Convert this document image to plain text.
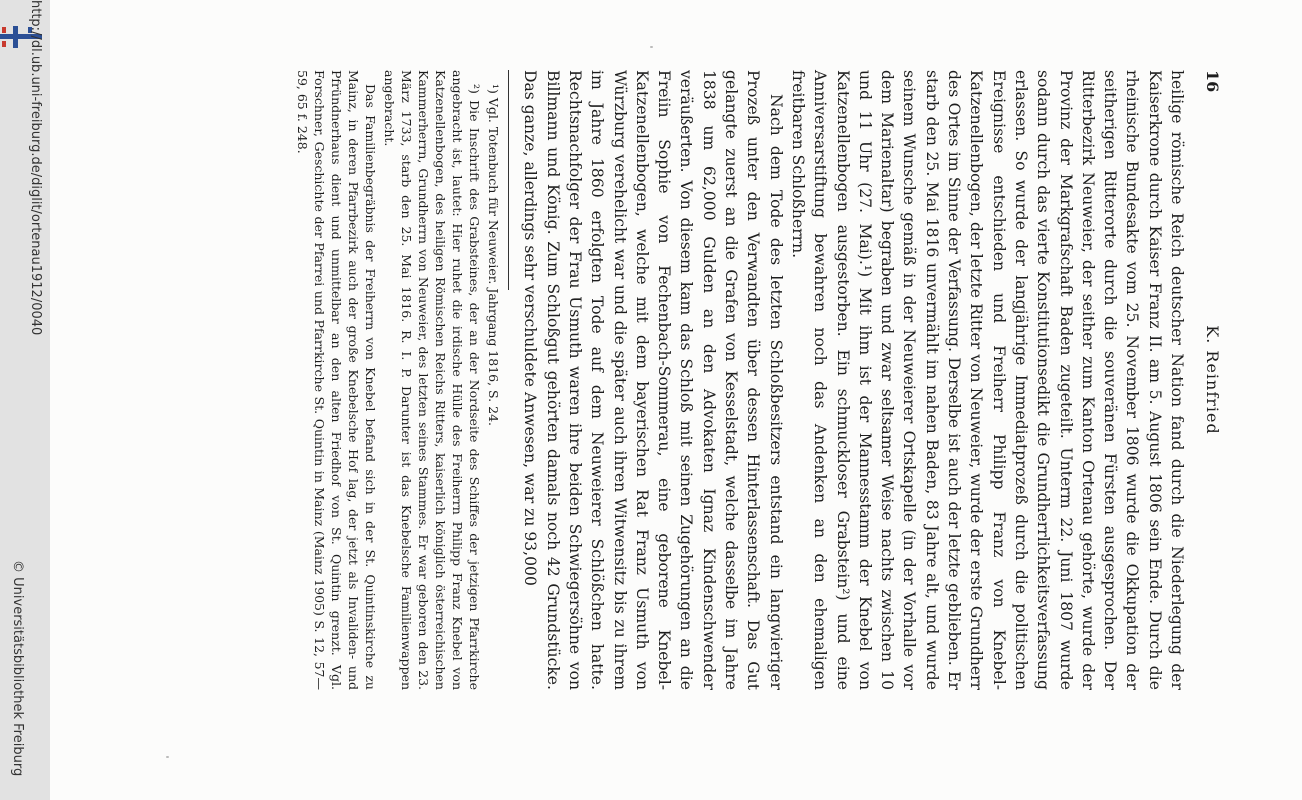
http://dl.ub.uni-freiburg.de/diglit/ortenau1912/0040
© Universitätsbibliothek Freiburg
16
K. Reinfried

heilige römische Reich deutscher Nation fand durch die Niederlegung der Kaiserkrone durch Kaiser Franz II. am 5. August 1806 sein Ende. Durch die rheinische Bundesakte vom 25. November 1806 wurde die Okkupation der seitherigen Ritterorte durch die souveränen Fürsten ausgesprochen. Der Ritterbezirk Neuweier, der seither zum Kanton Ortenau gehörte, wurde der Provinz der Markgrafschaft Baden zugeteilt. Unterm 22. Juni 1807 wurde sodann durch das vierte Konstitutionsedikt die Grundherrlichkeitsverfassung erlassen. So wurde der langjährige Immediatprozeß durch die politischen Ereignisse entschieden und Freiherr Philipp Franz von Knebel-Katzenellenbogen, der letzte Ritter von Neuweier, wurde der erste Grundherr des Ortes im Sinne der Verfassung. Derselbe ist auch der letzte geblieben. Er starb den 25. Mai 1816 unvermählt im nahen Baden, 83 Jahre alt, und wurde seinem Wunsche gemäß in der Neuweierer Ortskapelle (in der Vorhalle vor dem Marienaltar) begraben und zwar seltsamer Weise nachts zwischen 10 und 11 Uhr (27. Mai).¹) Mit ihm ist der Mannesstamm der Knebel von Katzenellenbogen ausgestorben. Ein schmuckloser Grabstein²) und eine Anniversarstiftung bewahren noch das Andenken an den ehemaligen freitbaren Schloßherrn.

Nach dem Tode des letzten Schloßbesitzers entstand ein langwieriger Prozeß unter den Verwandten über dessen Hinterlassenschaft. Das Gut gelangte zuerst an die Grafen von Kesselstadt, welche dasselbe im Jahre 1838 um 62,000 Gulden an den Advokaten Ignaz Kindenschwender veräußerten. Von diesem kam das Schloß mit seinen Zugehörungen an die Freiin Sophie von Fechenbach-Sommerau, eine geborene Knebel-Katzenellenbogen, welche mit dem bayerischen Rat Franz Usmuth von Würzburg verehelicht war und die später auch ihren Witwensitz bis zu ihrem im Jahre 1860 erfolgten Tode auf dem Neuweierer Schlößchen hatte. Rechtsnachfolger der Frau Usmuth waren ihre beiden Schwiegersöhne von Billmann und König. Zum Schloßgut gehörten damals noch 42 Grundstücke. Das ganze, allerdings sehr verschuldete Anwesen, war zu 93,000

¹) Vgl. Totenbuch für Neuweier. Jahrgang 1816, S. 24.

²) Die Inschrift des Grabsteines, der an der Nordseite des Schiffes der jetzigen Pfarrkirche angebracht ist, lautet: Hier ruhet die irdische Hülle des Freiherrn Philipp Franz Knebel von Katzenellenbogen, des heiligen Römischen Reichs Ritters, kaiserlich königlich österreichischen Kammerherrn, Grundherrn von Neuweier, des letzten seines Stammes. Er war geboren den 23. März 1733, starb den 25. Mai 1816. R. I. P. Darunter ist das Knebelsche Familienwappen angebracht.

Das Familienbegräbnis der Freiherrn von Knebel befand sich in der St. Quintinskirche zu Mainz, in deren Pfarrbezirk auch der große Knebelsche Hof lag, der jetzt als Invaliden- und Pfründnerhaus dient und unmittelbar an den alten Friedhof von St. Quintin grenzt. Vgl. Forschner, Geschichte der Pfarrei und Pfarrkirche St. Quintin in Mainz (Mainz 1905) S. 12, 57—59, 65 f. 248.
